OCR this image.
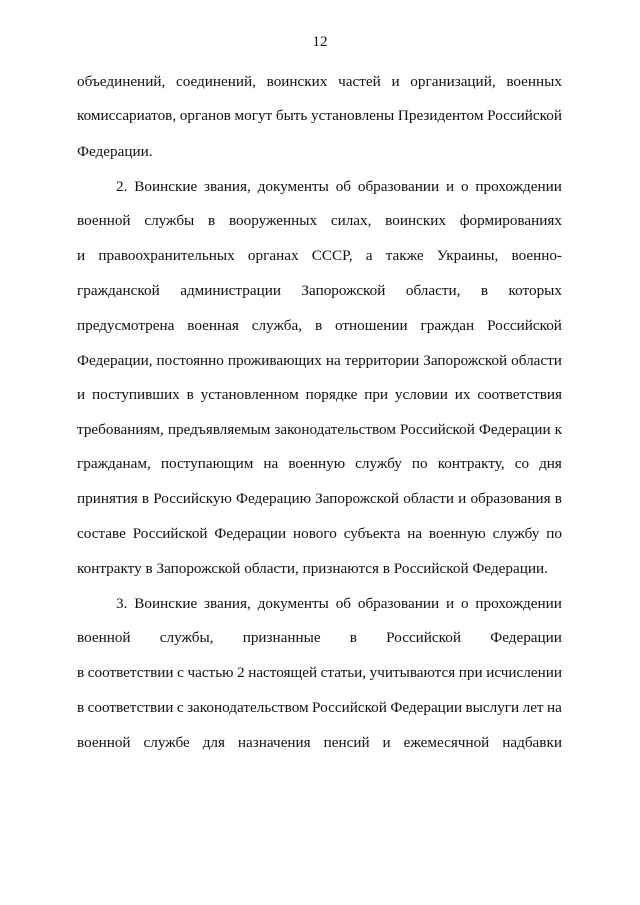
12
объединений, соединений, воинских частей и организаций, военных
комиссариатов, органов могут быть установлены Президентом Российской
Федерации.
2. Воинские звания, документы об образовании и о прохождении
военной службы в вооруженных силах, воинских формированиях
и правоохранительных органах СССР, а также Украины, военно-
гражданской администрации Запорожской области, в которых
предусмотрена военная служба, в отношении граждан Российской
Федерации, постоянно проживающих на территории Запорожской области
и поступивших в установленном порядке при условии их соответствия
требованиям, предъявляемым законодательством Российской Федерации к
гражданам, поступающим на военную службу по контракту, со дня
принятия в Российскую Федерацию Запорожской области и образования в
составе Российской Федерации нового субъекта на военную службу по
контракту в Запорожской области, признаются в Российской Федерации.
3. Воинские звания, документы об образовании и о прохождении
военной службы, признанные в Российской Федерации
в соответствии с частью 2 настоящей статьи, учитываются при исчислении
в соответствии с законодательством Российской Федерации выслуги лет на
военной службе для назначения пенсий и ежемесячной надбавки
